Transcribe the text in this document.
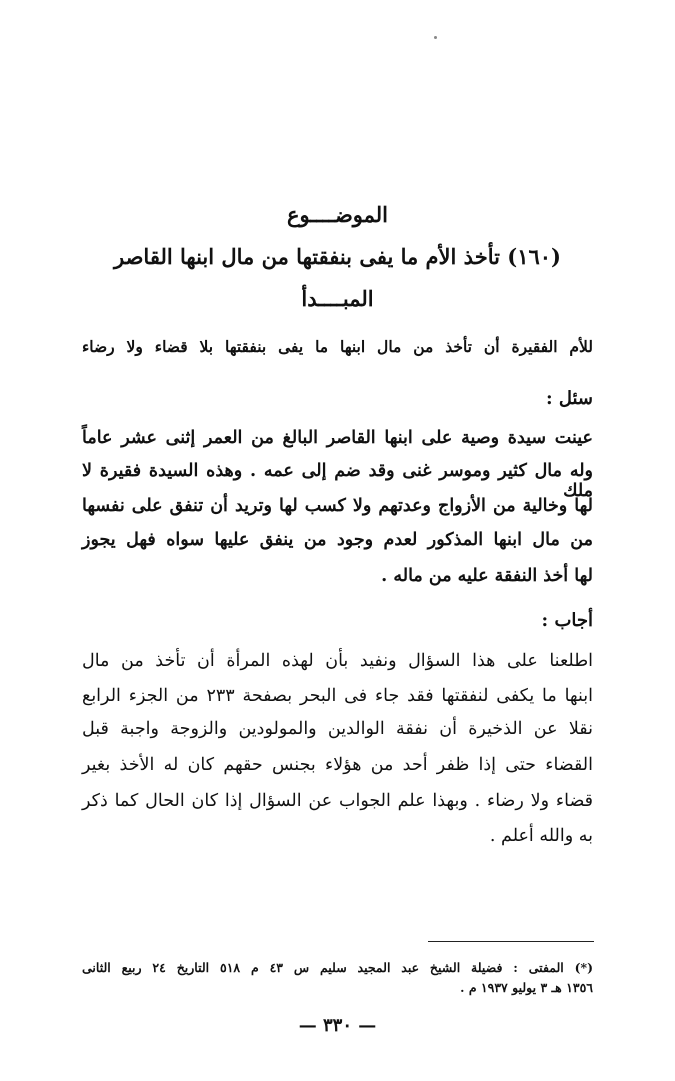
الموضــــوع
(١٦٠) تأخذ الأم ما يفى بنفقتها من مال ابنها القاصر
المبــــدأ
للأم الفقيرة أن تأخذ من مال ابنها ما يفى بنفقتها بلا قضاء ولا رضاء
سئل :
عينت سيدة وصية على ابنها القاصر البالغ من العمر إثنى عشر عاماً
وله مال كثير وموسر غنى وقد ضم إلى عمه . وهذه السيدة فقيرة لا ملك
لها وخالية من الأزواج وعدتهم ولا كسب لها وتريد أن تنفق على نفسها
من مال ابنها المذكور لعدم وجود من ينفق عليها سواه فهل يجوز
لها أخذ النفقة عليه من ماله .
أجاب :
اطلعنا على هذا السؤال ونفيد بأن لهذه المرأة أن تأخذ من مال
ابنها ما يكفى لنفقتها فقد جاء فى البحر بصفحة ٢٣٣ من الجزء الرابع
نقلا عن الذخيرة أن نفقة الوالدين والمولودين والزوجة واجبة قبل
القضاء حتى إذا ظفر أحد من هؤلاء بجنس حقهم كان له الأخذ بغير
قضاء ولا رضاء . وبهذا علم الجواب عن السؤال إذا كان الحال كما ذكر
به والله أعلم .
(*) المفتى : فضيلة الشيخ عبد المجيد سليم س ٤٣ م ٥١٨ التاريخ ٢٤ ربيع الثانى
١٣٥٦ هـ ٣ يوليو ١٩٣٧ م .
— ٣٣٠ —
